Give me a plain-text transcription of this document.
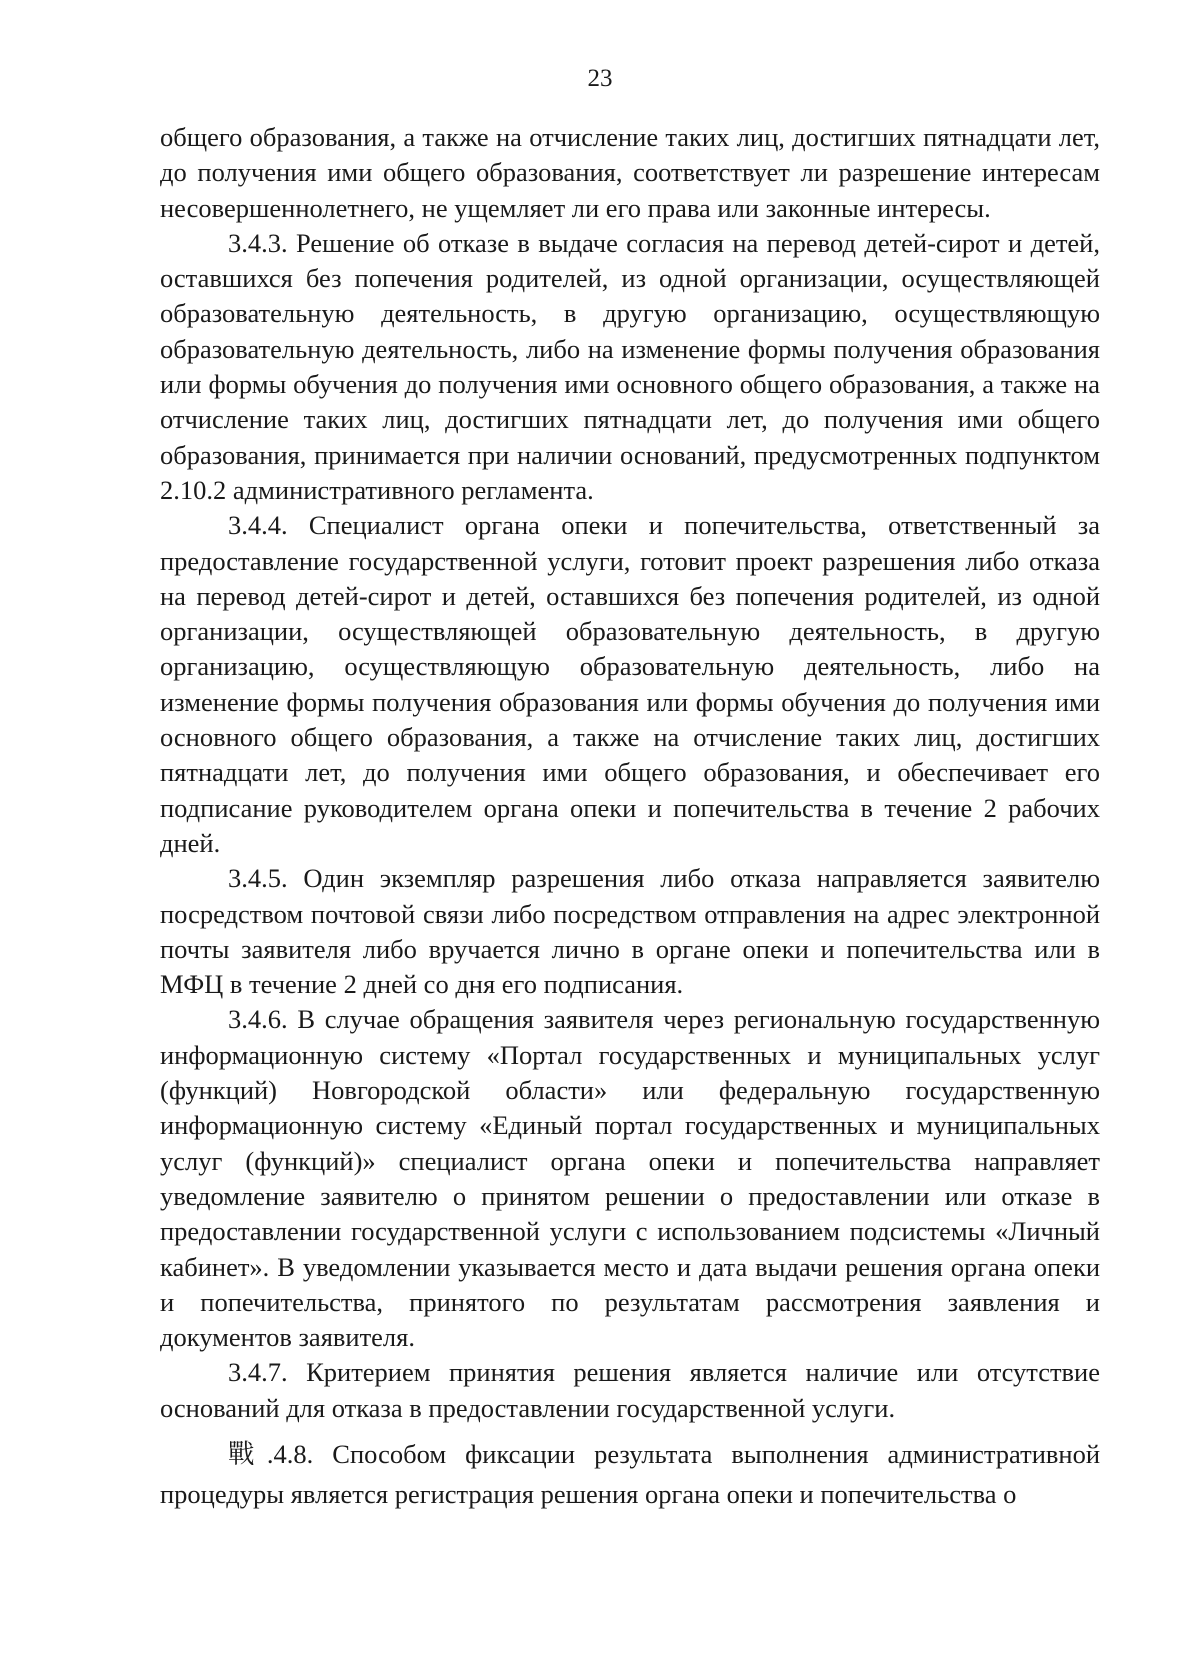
23

общего образования, а также на отчисление таких лиц, достигших пятнадцати лет, до получения ими общего образования, соответствует ли разрешение интересам несовершеннолетнего, не ущемляет ли его права или законные интересы.

3.4.3. Решение об отказе в выдаче согласия на перевод детей-сирот и детей, оставшихся без попечения родителей, из одной организации, осуществляющей образовательную деятельность, в другую организацию, осуществляющую образовательную деятельность, либо на изменение формы получения образования или формы обучения до получения ими основного общего образования, а также на отчисление таких лиц, достигших пятнадцати лет, до получения ими общего образования, принимается при наличии оснований, предусмотренных подпунктом 2.10.2 административного регламента.

3.4.4. Специалист органа опеки и попечительства, ответственный за предоставление государственной услуги, готовит проект разрешения либо отказа на перевод детей-сирот и детей, оставшихся без попечения родителей, из одной организации, осуществляющей образовательную деятельность, в другую организацию, осуществляющую образовательную деятельность, либо на изменение формы получения образования или формы обучения до получения ими основного общего образования, а также на отчисление таких лиц, достигших пятнадцати лет, до получения ими общего образования, и обеспечивает его подписание руководителем органа опеки и попечительства в течение 2 рабочих дней.

3.4.5. Один экземпляр разрешения либо отказа направляется заявителю посредством почтовой связи либо посредством отправления на адрес электронной почты заявителя либо вручается лично в органе опеки и попечительства или в МФЦ в течение 2 дней со дня его подписания.

3.4.6. В случае обращения заявителя через региональную государственную информационную систему «Портал государственных и муниципальных услуг (функций) Новгородской области» или федеральную государственную информационную систему «Единый портал государственных и муниципальных услуг (функций)» специалист органа опеки и попечительства направляет уведомление заявителю о принятом решении о предоставлении или отказе в предоставлении государственной услуги с использованием подсистемы «Личный кабинет». В уведомлении указывается место и дата выдачи решения органа опеки и попечительства, принятого по результатам рассмотрения заявления и документов заявителя.

3.4.7. Критерием принятия решения является наличие или отсутствие оснований для отказа в предоставлении государственной услуги.

戰.4.8. Способом фиксации результата выполнения административной процедуры является регистрация решения органа опеки и попечительства о
